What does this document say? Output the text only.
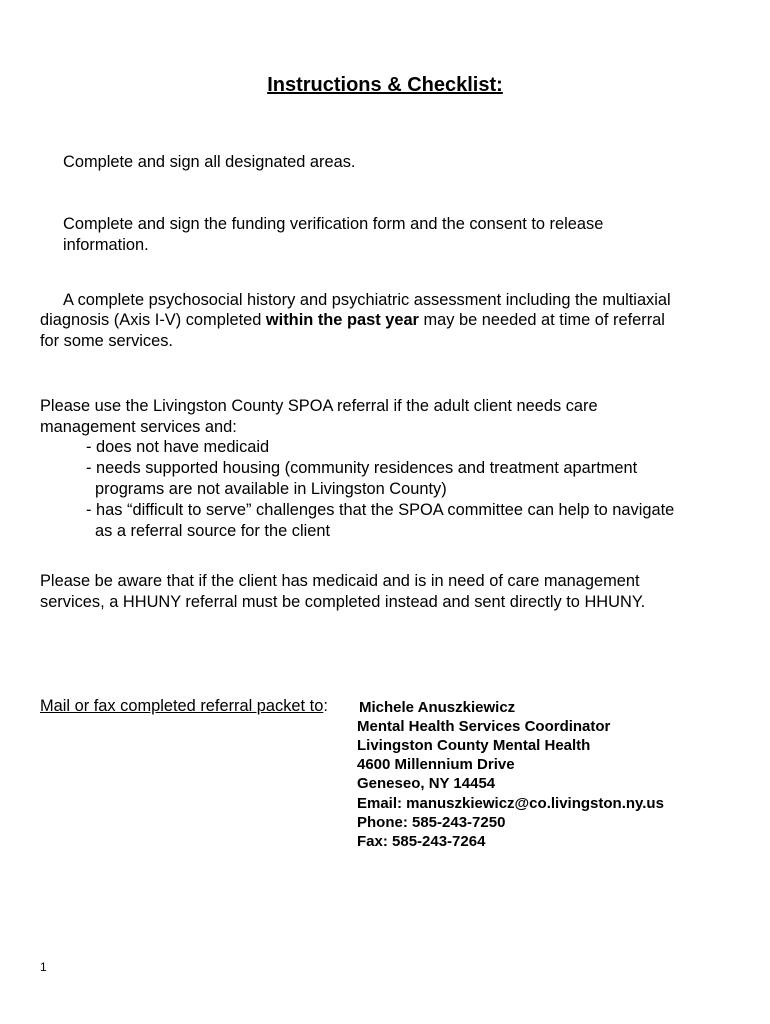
Instructions & Checklist:
Complete and sign all designated areas.
Complete and sign the funding verification form and the consent to release
information.
A complete psychosocial history and psychiatric assessment including the multiaxial
diagnosis (Axis I-V) completed within the past year may be needed at time of referral
for some services.
Please use the Livingston County SPOA referral if the adult client needs care
management services and:
- does not have medicaid
- needs supported housing (community residences and treatment apartment
programs are not available in Livingston County)
- has “difficult to serve” challenges that the SPOA committee can help to navigate
as a referral source for the client
Please be aware that if the client has medicaid and is in need of care management
services, a HHUNY referral must be completed instead and sent directly to HHUNY.
Mail or fax completed referral packet to: Michele Anuszkiewicz
Mental Health Services Coordinator
Livingston County Mental Health
4600 Millennium Drive
Geneseo, NY 14454
Email: manuszkiewicz@co.livingston.ny.us
Phone: 585-243-7250
Fax: 585-243-7264
1
